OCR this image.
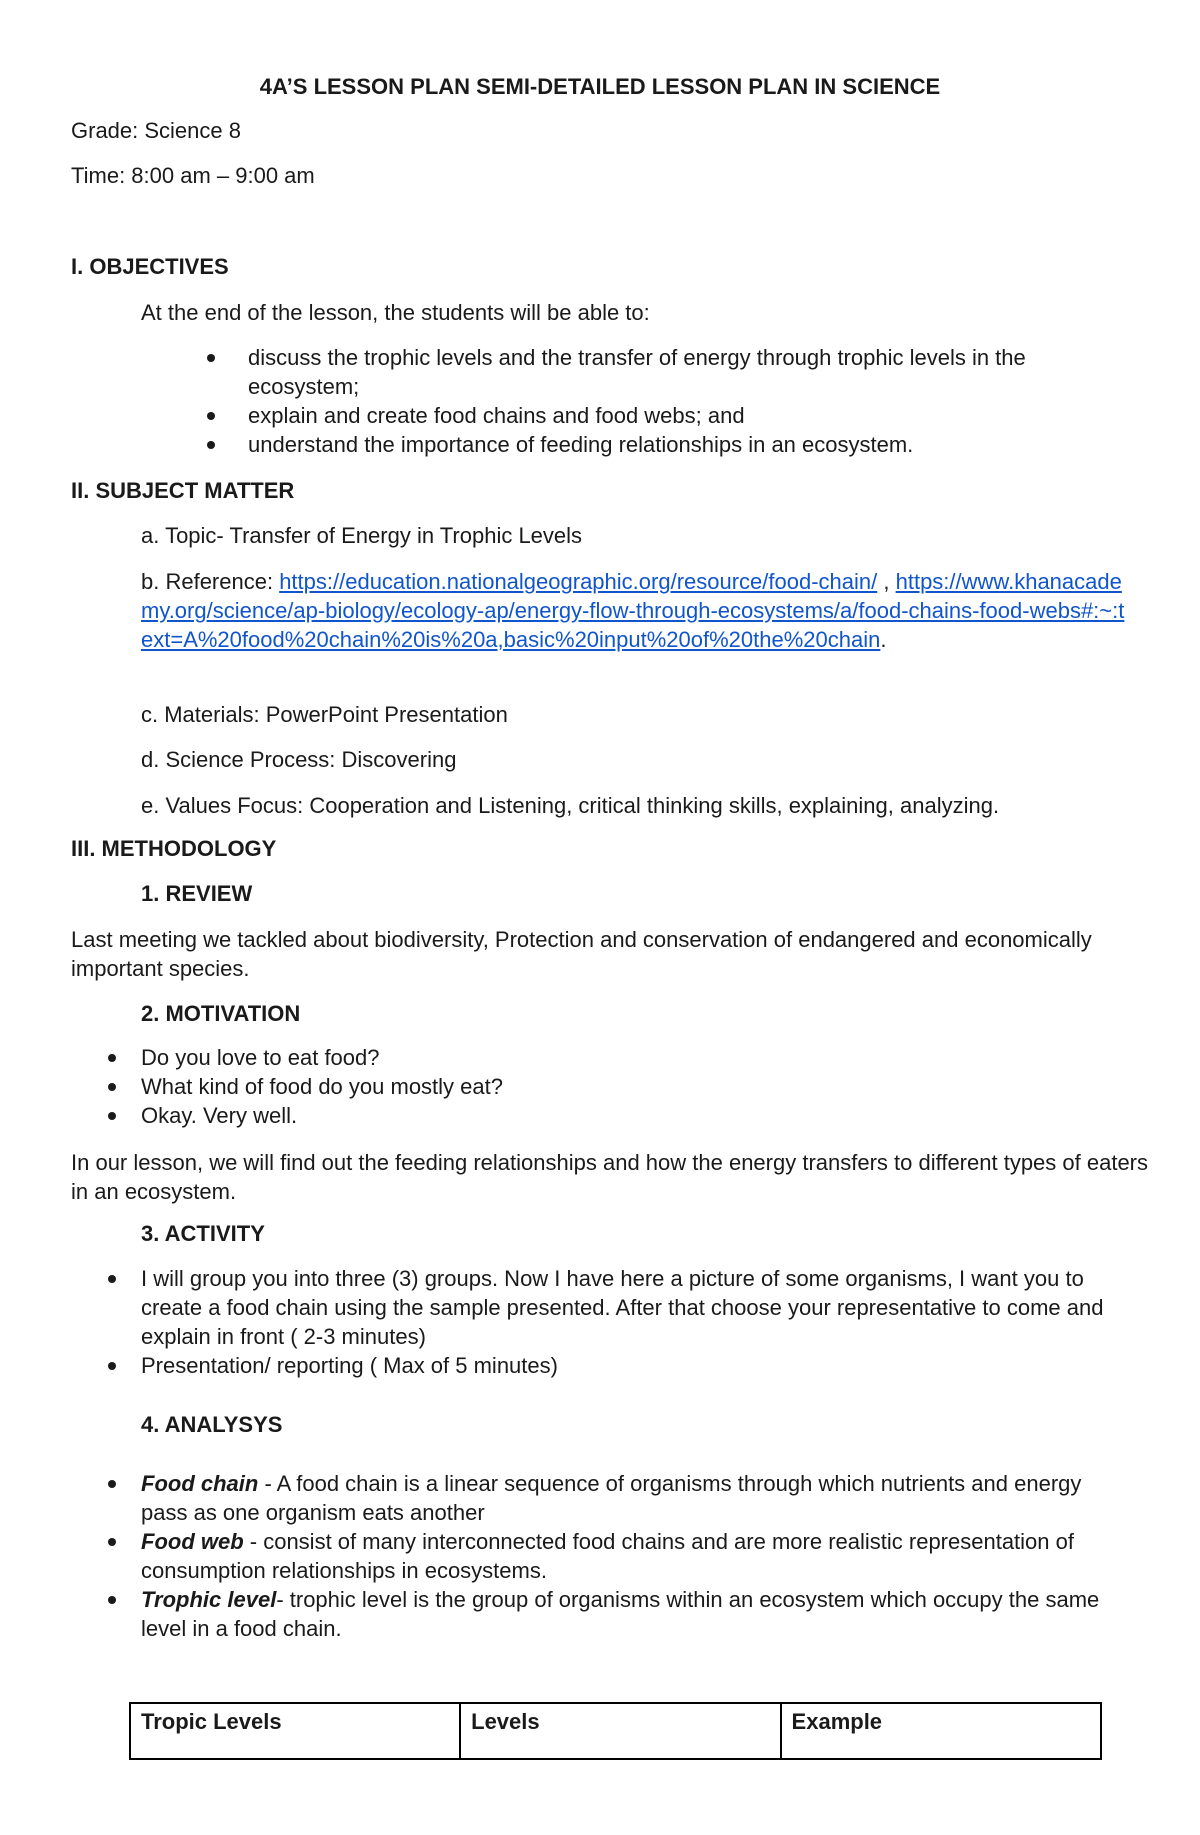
4A’S LESSON PLAN SEMI-DETAILED LESSON PLAN IN SCIENCE
Grade: Science 8
Time: 8:00 am – 9:00 am
I. OBJECTIVES
At the end of the lesson, the students will be able to:
discuss the trophic levels and the transfer of energy through trophic levels in the ecosystem;
explain and create food chains and food webs; and
understand the importance of feeding relationships in an ecosystem.
II. SUBJECT MATTER
a. Topic- Transfer of Energy in Trophic Levels
b. Reference: https://education.nationalgeographic.org/resource/food-chain/ , https://www.khanacademy.org/science/ap-biology/ecology-ap/energy-flow-through-ecosystems/a/food-chains-food-webs#:~:text=A%20food%20chain%20is%20a,basic%20input%20of%20the%20chain.
c. Materials: PowerPoint Presentation
d. Science Process: Discovering
e. Values Focus: Cooperation and Listening, critical thinking skills, explaining, analyzing.
III. METHODOLOGY
1. REVIEW
Last meeting we tackled about biodiversity, Protection and conservation of endangered and economically important species.
2. MOTIVATION
Do you love to eat food?
What kind of food do you mostly eat?
Okay. Very well.
In our lesson, we will find out the feeding relationships and how the energy transfers to different types of eaters in an ecosystem.
3. ACTIVITY
I will group you into three (3) groups. Now I have here a picture of some organisms, I want you to create a food chain using the sample presented. After that choose your representative to come and explain in front ( 2-3 minutes)
Presentation/ reporting ( Max of 5 minutes)
4. ANALYSYS
Food chain - A food chain is a linear sequence of organisms through which nutrients and energy pass as one organism eats another
Food web - consist of many interconnected food chains and are more realistic representation of consumption relationships in ecosystems.
Trophic level- trophic level is the group of organisms within an ecosystem which occupy the same level in a food chain.
Tropic Levels	Levels	Example
